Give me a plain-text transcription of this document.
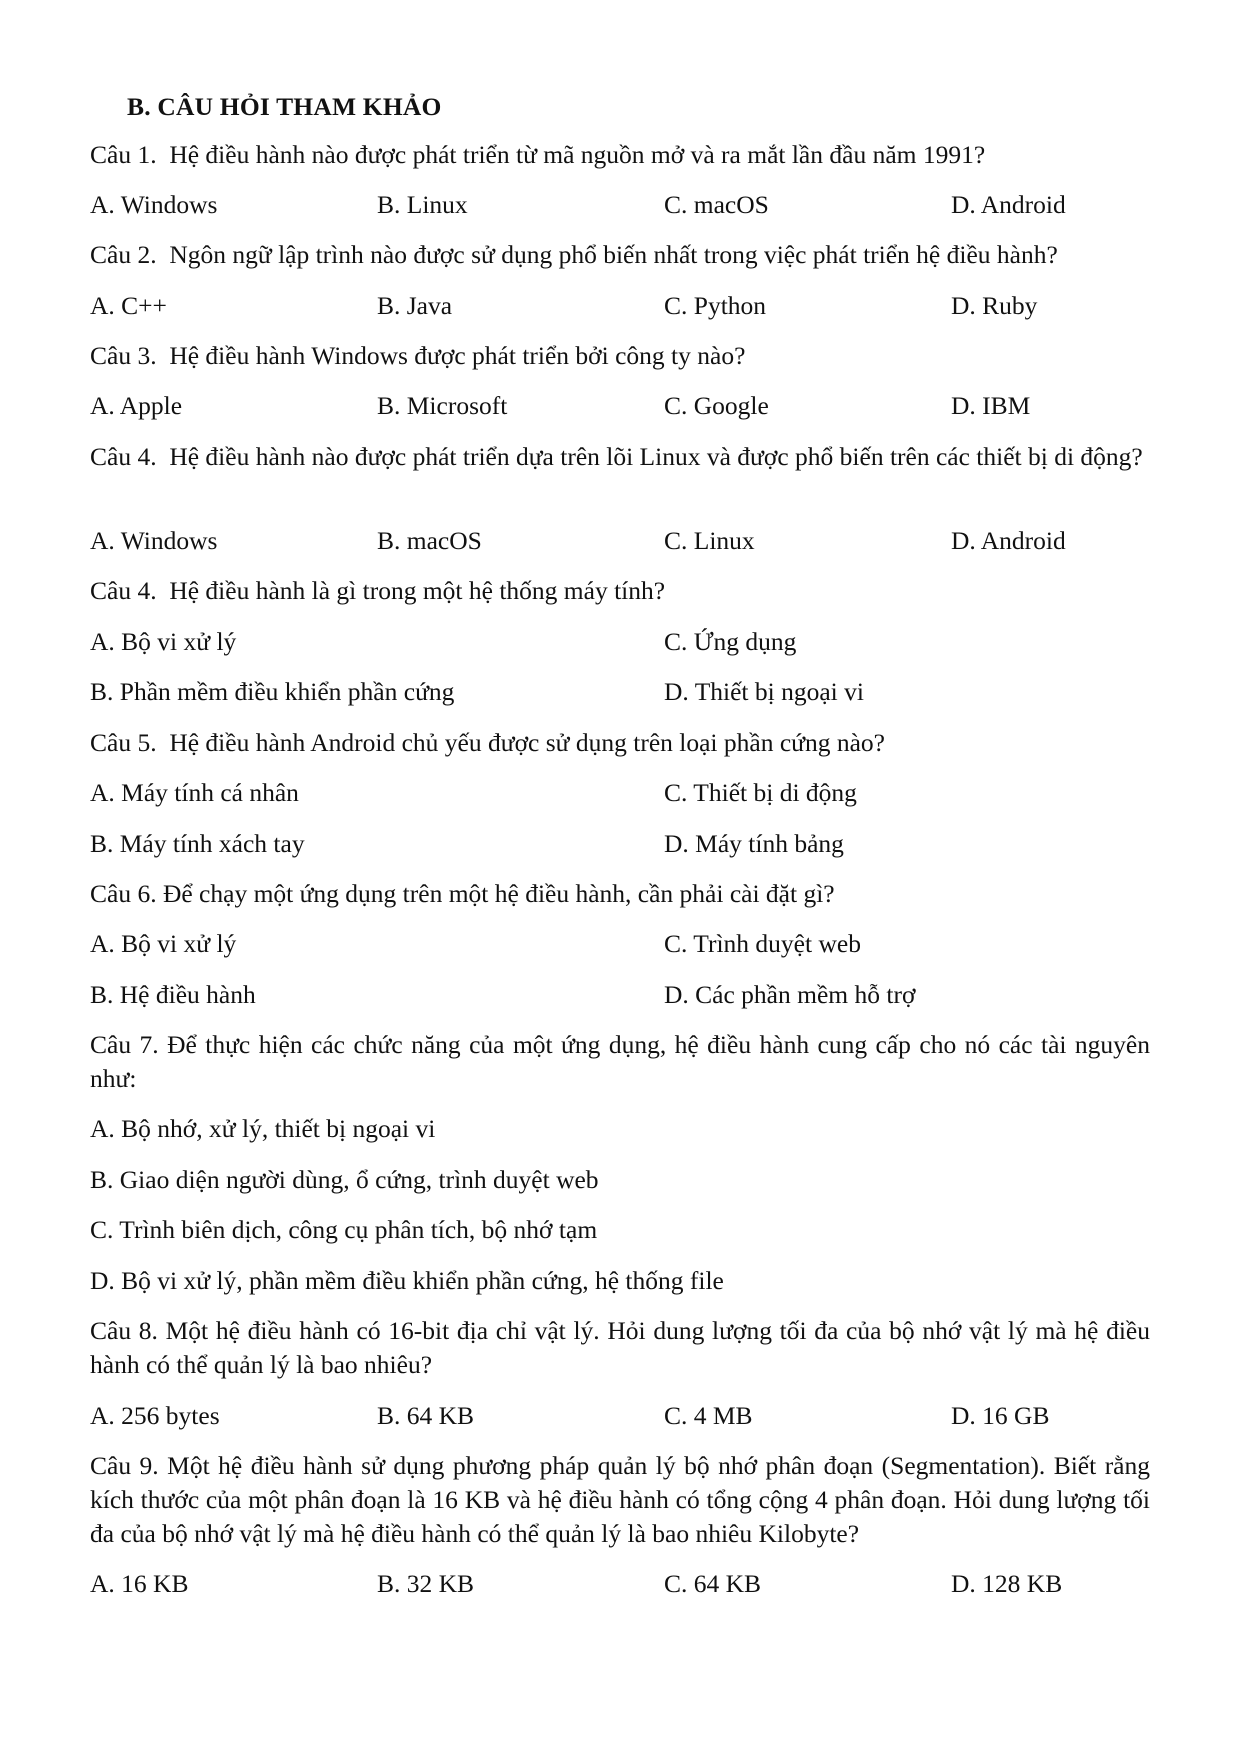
B. CÂU HỎI THAM KHẢO
Câu 1.  Hệ điều hành nào được phát triển từ mã nguồn mở và ra mắt lần đầu năm 1991?
A. Windows	B. Linux	C. macOS	D. Android
Câu 2.  Ngôn ngữ lập trình nào được sử dụng phổ biến nhất trong việc phát triển hệ điều hành?
A. C++	B. Java	C. Python	D. Ruby
Câu 3.  Hệ điều hành Windows được phát triển bởi công ty nào?
A. Apple	B. Microsoft	C. Google	D. IBM
Câu 4.  Hệ điều hành nào được phát triển dựa trên lõi Linux và được phổ biến trên các thiết bị di động?
A. Windows	B. macOS	C. Linux	D. Android
Câu 4.  Hệ điều hành là gì trong một hệ thống máy tính?
A. Bộ vi xử lý	C. Ứng dụng
B. Phần mềm điều khiển phần cứng	D. Thiết bị ngoại vi
Câu 5.  Hệ điều hành Android chủ yếu được sử dụng trên loại phần cứng nào?
A. Máy tính cá nhân	C. Thiết bị di động
B. Máy tính xách tay	D. Máy tính bảng
Câu 6. Để chạy một ứng dụng trên một hệ điều hành, cần phải cài đặt gì?
A. Bộ vi xử lý	C. Trình duyệt web
B. Hệ điều hành	D. Các phần mềm hỗ trợ
Câu 7. Để thực hiện các chức năng của một ứng dụng, hệ điều hành cung cấp cho nó các tài nguyên như:
A. Bộ nhớ, xử lý, thiết bị ngoại vi
B. Giao diện người dùng, ổ cứng, trình duyệt web
C. Trình biên dịch, công cụ phân tích, bộ nhớ tạm
D. Bộ vi xử lý, phần mềm điều khiển phần cứng, hệ thống file
Câu 8. Một hệ điều hành có 16-bit địa chỉ vật lý. Hỏi dung lượng tối đa của bộ nhớ vật lý mà hệ điều hành có thể quản lý là bao nhiêu?
A. 256 bytes	B. 64 KB	C. 4 MB	D. 16 GB
Câu 9. Một hệ điều hành sử dụng phương pháp quản lý bộ nhớ phân đoạn (Segmentation). Biết rằng kích thước của một phân đoạn là 16 KB và hệ điều hành có tổng cộng 4 phân đoạn. Hỏi dung lượng tối đa của bộ nhớ vật lý mà hệ điều hành có thể quản lý là bao nhiêu Kilobyte?
A. 16 KB	B. 32 KB	C. 64 KB	D. 128 KB
